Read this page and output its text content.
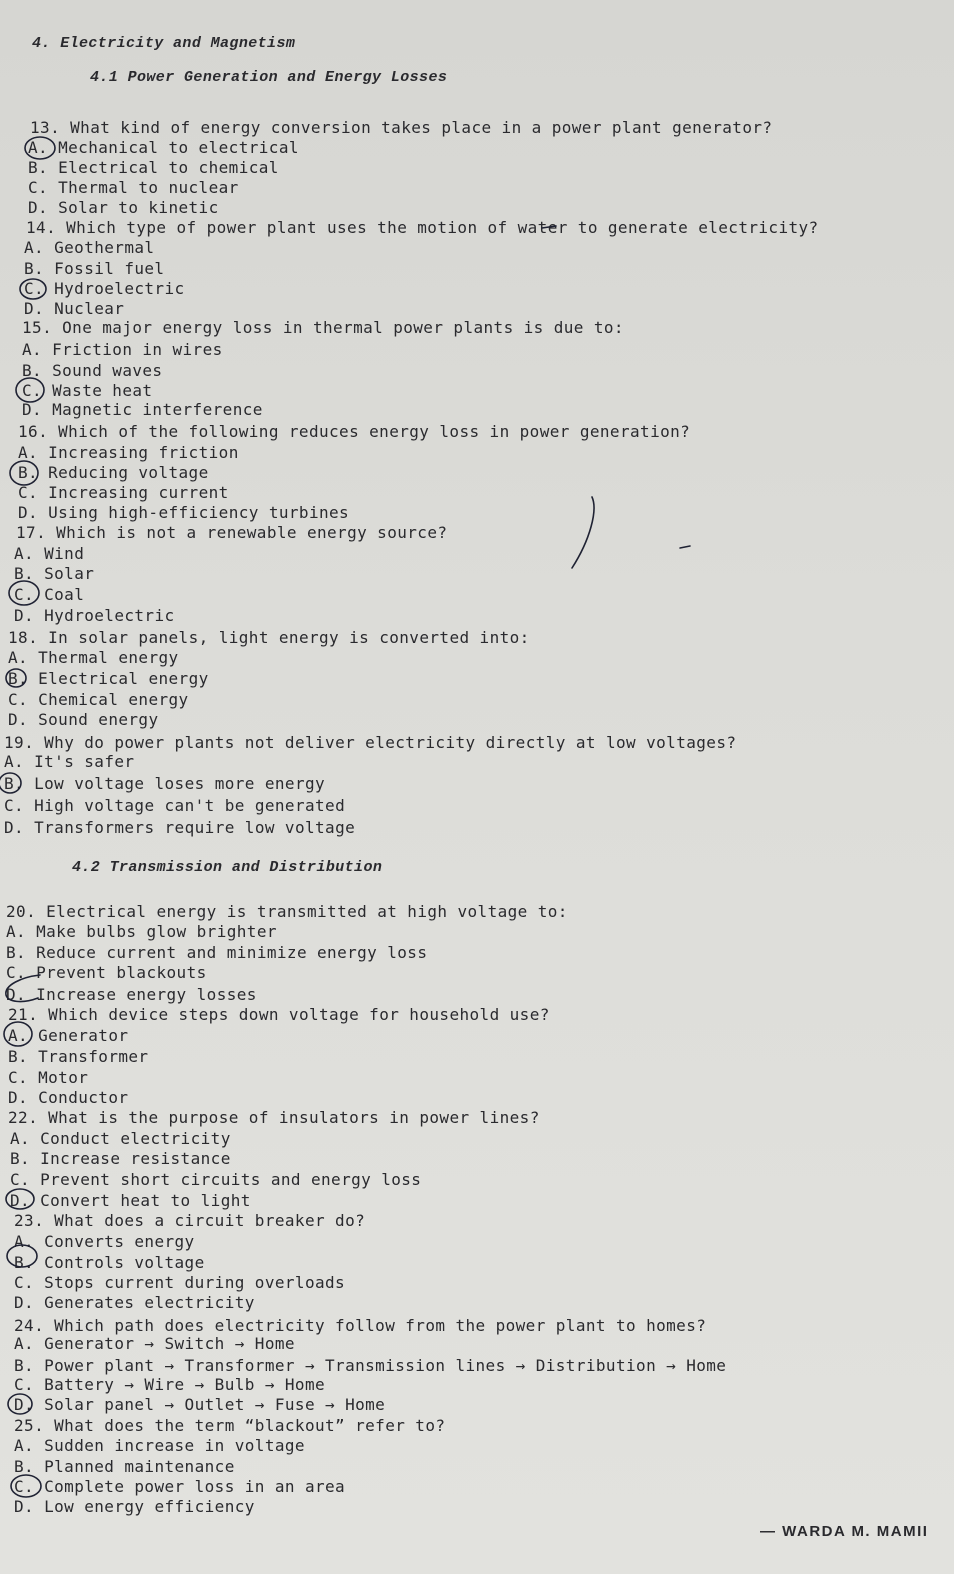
4. Electricity and Magnetism
4.1 Power Generation and Energy Losses
13. What kind of energy conversion takes place in a power plant generator?
A. Mechanical to electrical
B. Electrical to chemical
C. Thermal to nuclear
D. Solar to kinetic
14. Which type of power plant uses the motion of water to generate electricity?
A. Geothermal
B. Fossil fuel
C. Hydroelectric
D. Nuclear
15. One major energy loss in thermal power plants is due to:
A. Friction in wires
B. Sound waves
C. Waste heat
D. Magnetic interference
16. Which of the following reduces energy loss in power generation?
A. Increasing friction
B. Reducing voltage
C. Increasing current
D. Using high-efficiency turbines
17. Which is not a renewable energy source?
A. Wind
B. Solar
C. Coal
D. Hydroelectric
18. In solar panels, light energy is converted into:
A. Thermal energy
B. Electrical energy
C. Chemical energy
D. Sound energy
19. Why do power plants not deliver electricity directly at low voltages?
A. It's safer
B. Low voltage loses more energy
C. High voltage can't be generated
D. Transformers require low voltage
4.2 Transmission and Distribution
20. Electrical energy is transmitted at high voltage to:
A. Make bulbs glow brighter
B. Reduce current and minimize energy loss
C. Prevent blackouts
D. Increase energy losses
21. Which device steps down voltage for household use?
A. Generator
B. Transformer
C. Motor
D. Conductor
22. What is the purpose of insulators in power lines?
A. Conduct electricity
B. Increase resistance
C. Prevent short circuits and energy loss
D. Convert heat to light
23. What does a circuit breaker do?
A. Converts energy
B. Controls voltage
C. Stops current during overloads
D. Generates electricity
24. Which path does electricity follow from the power plant to homes?
A. Generator → Switch → Home
B. Power plant → Transformer → Transmission lines → Distribution → Home
C. Battery → Wire → Bulb → Home
D. Solar panel → Outlet → Fuse → Home
25. What does the term “blackout” refer to?
A. Sudden increase in voltage
B. Planned maintenance
C. Complete power loss in an area
D. Low energy efficiency
— WARDA M. MAMII
